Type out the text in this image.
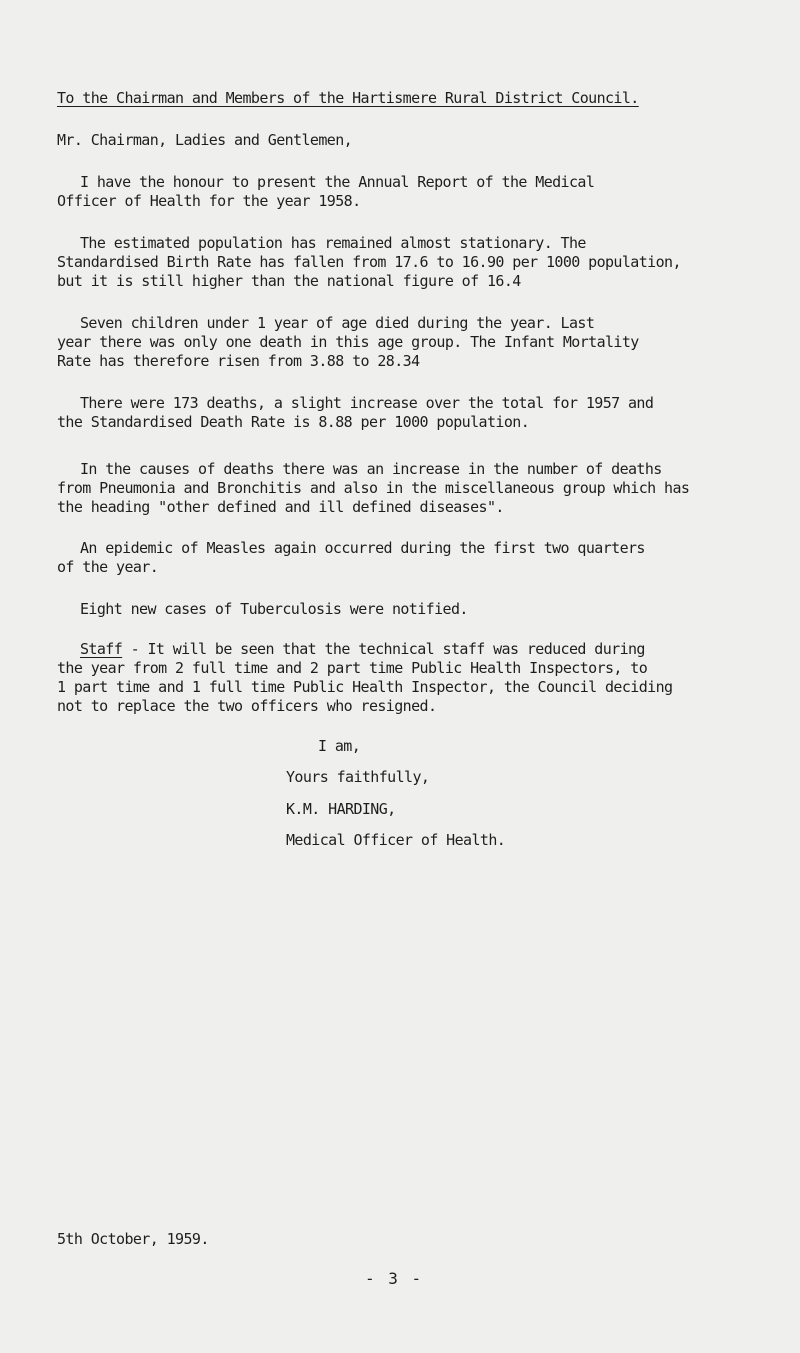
To the Chairman and Members of the Hartismere Rural District Council.
Mr. Chairman, Ladies and Gentlemen,
I have the honour to present the Annual Report of the Medical
Officer of Health for the year 1958.
The estimated population has remained almost stationary. The
Standardised Birth Rate has fallen from 17.6 to 16.90 per 1000 population,
but it is still higher than the national figure of 16.4
Seven children under 1 year of age died during the year. Last
year there was only one death in this age group. The Infant Mortality
Rate has therefore risen from 3.88 to 28.34
There were 173 deaths, a slight increase over the total for 1957 and
the Standardised Death Rate is 8.88 per 1000 population.
In the causes of deaths there was an increase in the number of deaths
from Pneumonia and Bronchitis and also in the miscellaneous group which has
the heading "other defined and ill defined diseases".
An epidemic of Measles again occurred during the first two quarters
of the year.
Eight new cases of Tuberculosis were notified.
Staff - It will be seen that the technical staff was reduced during
the year from 2 full time and 2 part time Public Health Inspectors, to
1 part time and 1 full time Public Health Inspector, the Council deciding
not to replace the two officers who resigned.
I am,
Yours faithfully,
K.M. HARDING,
Medical Officer of Health.
5th October, 1959.
- 3 -
